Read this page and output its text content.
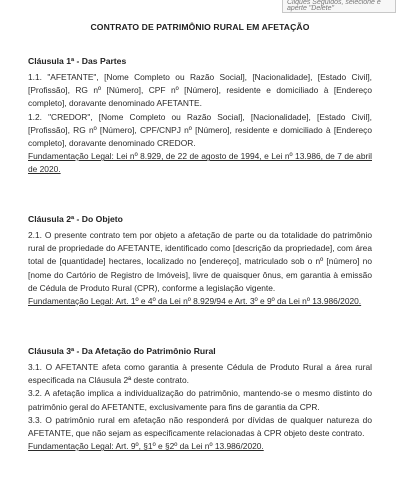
Cliques Seguidos, selecione e
aperte "Delete"
CONTRATO DE PATRIMÔNIO RURAL EM AFETAÇÃO
Cláusula 1ª - Das Partes
1.1. "AFETANTE", [Nome Completo ou Razão Social], [Nacionalidade], [Estado Civil], [Profissão], RG nº [Número], CPF nº [Número], residente e domiciliado à [Endereço completo], doravante denominado AFETANTE.
1.2. "CREDOR", [Nome Completo ou Razão Social], [Nacionalidade], [Estado Civil], [Profissão], RG nº [Número], CPF/CNPJ nº [Número], residente e domiciliado à [Endereço completo], doravante denominado CREDOR.
Fundamentação Legal: Lei nº 8.929, de 22 de agosto de 1994, e Lei nº 13.986, de 7 de abril de 2020.
Cláusula 2ª - Do Objeto
2.1. O presente contrato tem por objeto a afetação de parte ou da totalidade do patrimônio rural de propriedade do AFETANTE, identificado como [descrição da propriedade], com área total de [quantidade] hectares, localizado no [endereço], matriculado sob o nº [número] no [nome do Cartório de Registro de Imóveis], livre de quaisquer ônus, em garantia à emissão de Cédula de Produto Rural (CPR), conforme a legislação vigente.
Fundamentação Legal: Art. 1º e 4º da Lei nº 8.929/94 e Art. 3º e 9º da Lei nº 13.986/2020.
Cláusula 3ª - Da Afetação do Patrimônio Rural
3.1. O AFETANTE afeta como garantia à presente Cédula de Produto Rural a área rural especificada na Cláusula 2ª deste contrato.
3.2. A afetação implica a individualização do patrimônio, mantendo-se o mesmo distinto do patrimônio geral do AFETANTE, exclusivamente para fins de garantia da CPR.
3.3. O patrimônio rural em afetação não responderá por dívidas de qualquer natureza do AFETANTE, que não sejam as especificamente relacionadas à CPR objeto deste contrato.
Fundamentação Legal: Art. 9º, §1º e §2º da Lei nº 13.986/2020.
